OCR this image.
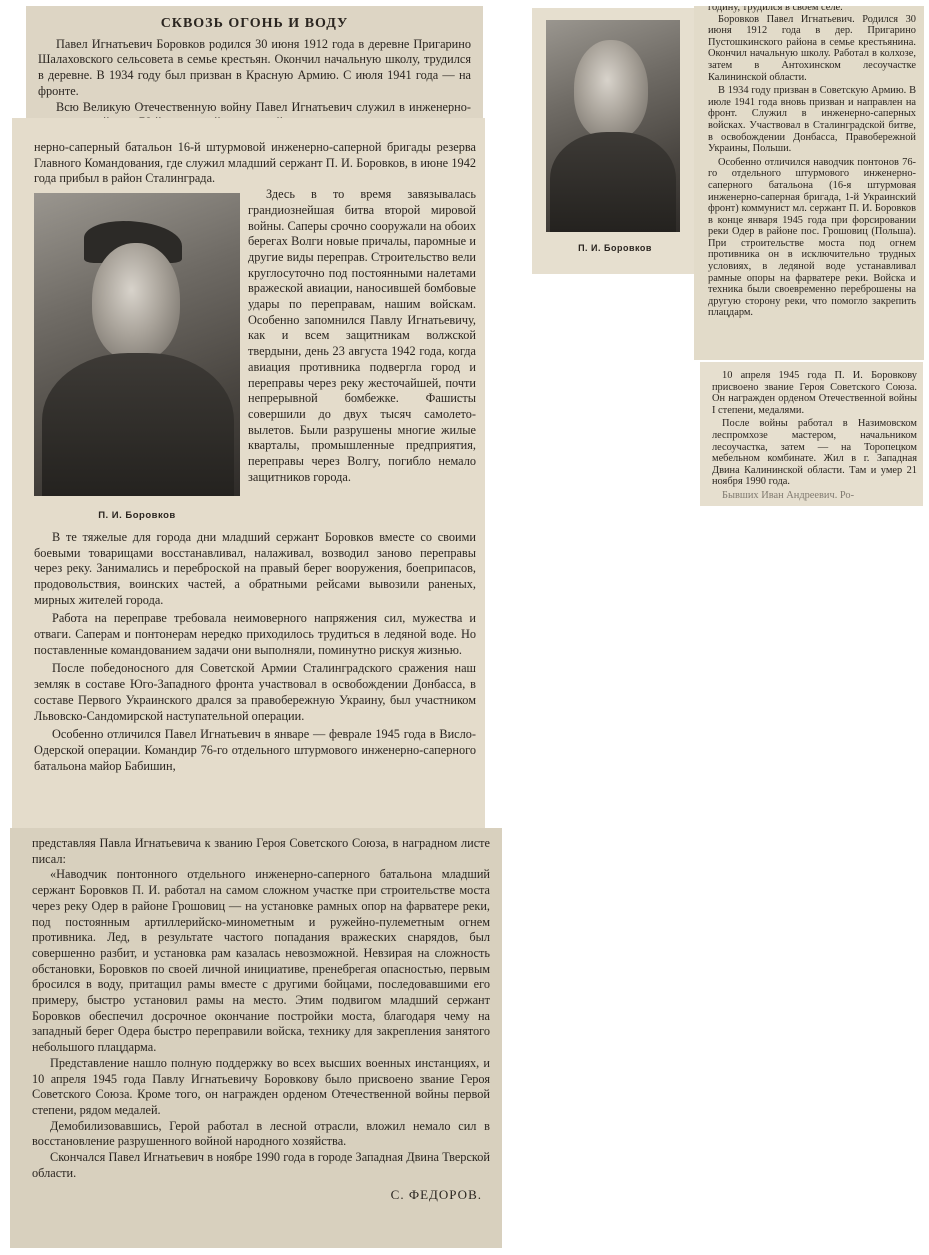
СКВОЗЬ ОГОНЬ И ВОДУ

Павел Игнатьевич Боровков родился 30 июня 1912 года в деревне Пригарино Шалаховского сельсовета в семье крестьян. Окончил начальную школу, трудился в деревне. В 1934 году был призван в Красную Армию. С июля 1941 года — на фронте.

Всю Великую Отечественную войну Павел Игнатьевич служил в инженерно-

нерно-саперный батальон 16-й штурмовой инженерно-саперной бригады резерва Главного Командования, где служил младший сержант П. И. Боровков, в июне 1942 года прибыл в район Сталинграда.

П. И. Боровков

Здесь в то время завязывалась грандиознейшая битва второй мировой войны. Саперы срочно сооружали на обоих берегах Волги новые причалы, паромные и другие виды переправ. Строительство вели круглосуточно под постоянными налетами вражеской авиации, наносившей бомбовые удары по переправам, нашим войскам. Особенно запомнился Павлу Игнатьевичу, как и всем защитникам волжской твердыни, день 23 августа 1942 года, когда авиация противника подвергла город и переправы через реку жесточайшей, почти непрерывной бомбежке. Фашисты совершили до двух тысяч самолето-вылетов. Были разрушены многие жилые кварталы, промышленные предприятия, переправы через Волгу, погибло немало защитников города.

В те тяжелые для города дни младший сержант Боровков вместе со своими боевыми товарищами восстанавливал, налаживал, возводил заново переправы через реку. Занимались и переброской на правый берег вооружения, боеприпасов, продовольствия, воинских частей, а обратными рейсами вывозили раненых, мирных жителей города.

Работа на переправе требовала неимоверного напряжения сил, мужества и отваги. Саперам и понтонерам нередко приходилось трудиться в ледяной воде. Но поставленные командованием задачи они выполняли, поминутно рискуя жизнью.

После победоносного для Советской Армии Сталинградского сражения наш земляк в составе Юго-Западного фронта участвовал в освобождении Донбасса, в составе Первого Украинского дрался за правобережную Украину, был участником Львовско-Сандомирской наступательной операции.

Особенно отличился Павел Игнатьевич в январе — феврале 1945 года в Висло-Одерской операции. Командир 76-го отдельного штурмового инженерно-саперного батальона майор Бабишин,

представляя Павла Игнатьевича к званию Героя Советского Союза, в наградном листе писал:

«Наводчик понтонного отдельного инженерно-саперного батальона младший сержант Боровков П. И. работал на самом сложном участке при строительстве моста через реку Одер в районе Грошовиц — на установке рамных опор на фарватере реки, под постоянным артиллерийско-минометным и ружейно-пулеметным огнем противника. Лед, в результате частого попадания вражеских снарядов, был совершенно разбит, и установка рам казалась невозможной. Невзирая на сложность обстановки, Боровков по своей личной инициативе, пренебрегая опасностью, первым бросился в воду, притащил рамы вместе с другими бойцами, последовавшими его примеру, быстро установил рамы на место. Этим подвигом младший сержант Боровков обеспечил досрочное окончание постройки моста, благодаря чему на западный берег Одера быстро переправили войска, технику для закрепления занятого небольшого плацдарма.

Представление нашло полную поддержку во всех высших военных инстанциях, и 10 апреля 1945 года Павлу Игнатьевичу Боровкову было присвоено звание Героя Советского Союза. Кроме того, он награжден орденом Отечественной войны первой степени, рядом медалей.

Демобилизовавшись, Герой работал в лесной отрасли, вложил немало сил в восстановление разрушенного войной народного хозяйства.

Скончался Павел Игнатьевич в ноябре 1990 года в городе Западная Двина Тверской области.

С. ФЕДОРОВ.
П. И. Боровков

годину, трудился в своем селе.

Боровков Павел Игнатьевич. Родился 30 июня 1912 года в дер. Пригарино Пустошкинского района в семье крестьянина. Окончил начальную школу. Работал в колхозе, затем в Антохинском лесоучастке Калининской области.

В 1934 году призван в Советскую Армию. В июле 1941 года вновь призван и направлен на фронт. Служил в инженерно-саперных войсках. Участвовал в Сталинградской битве, в освобождении Донбасса, Правобережной Украины, Польши.

Особенно отличился наводчик понтонов 76-го отдельного штурмового инженерно-саперного батальона (16-я штурмовая инженерно-саперная бригада, 1-й Украинский фронт) коммунист мл. сержант П. И. Боровков в конце января 1945 года при форсировании реки Одер в районе пос. Грошовиц (Польша). При строительстве моста под огнем противника он в исключительно трудных условиях, в ледяной воде устанавливал рамные опоры на фарватере реки. Войска и техника были своевременно переброшены на другую сторону реки, что помогло закрепить плацдарм.

10 апреля 1945 года П. И. Боровкову присвоено звание Героя Советского Союза. Он награжден орденом Отечественной войны I степени, медалями.

После войны работал в Назимовском леспромхозе мастером, начальником лесоучастка, затем — на Торопецком мебельном комбинате. Жил в г. Западная Двина Калининской области. Там и умер 21 ноября 1990 года.

Бывших Иван Андреевич. Ро-
